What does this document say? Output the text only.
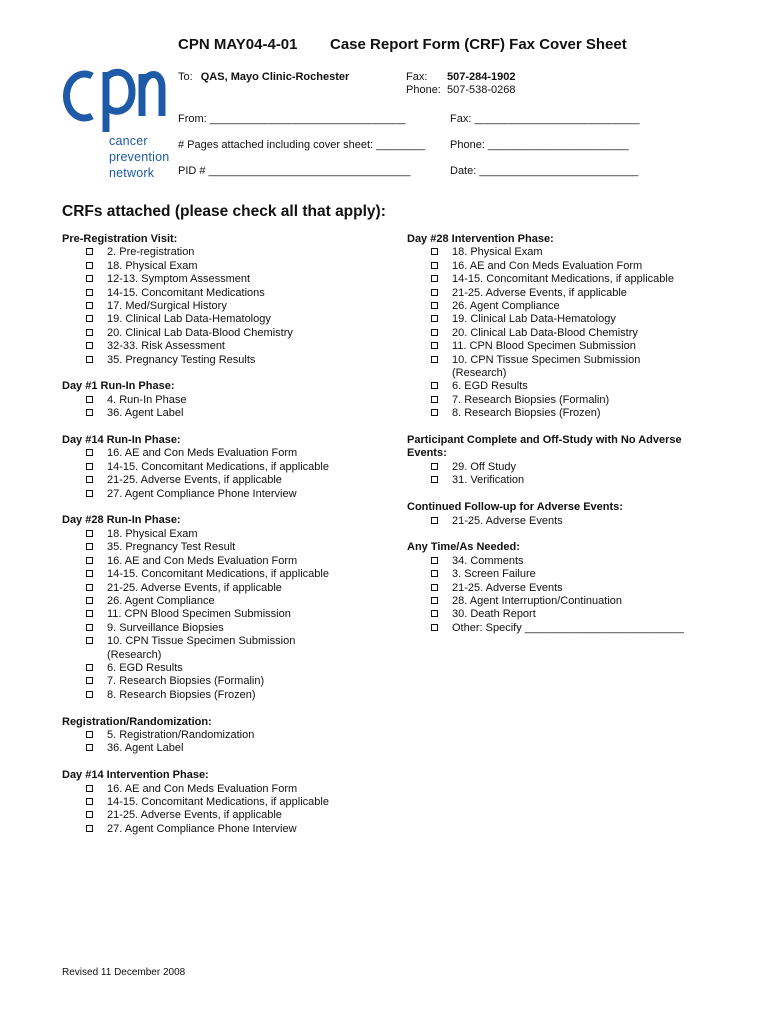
cancer
prevention
network
CPN MAY04-4-01 Case Report Form (CRF) Fax Cover Sheet
To: QAS, Mayo Clinic-Rochester	Fax: 507-284-1902
Phone: 507-538-0268
From: ________________________________	Fax: ___________________________
# Pages attached including cover sheet: ________ Phone: _______________________
PID # _________________________________	Date: __________________________
CRFs attached (please check all that apply):
Pre-Registration Visit:
2. Pre-registration
18. Physical Exam
12-13. Symptom Assessment
14-15. Concomitant Medications
17. Med/Surgical History
19. Clinical Lab Data-Hematology
20. Clinical Lab Data-Blood Chemistry
32-33. Risk Assessment
35. Pregnancy Testing Results
Day #1 Run-In Phase:
4. Run-In Phase
36. Agent Label
Day #14 Run-In Phase:
16. AE and Con Meds Evaluation Form
14-15. Concomitant Medications, if applicable
21-25. Adverse Events, if applicable
27. Agent Compliance Phone Interview
Day #28 Run-In Phase:
18. Physical Exam
35. Pregnancy Test Result
16. AE and Con Meds Evaluation Form
14-15. Concomitant Medications, if applicable
21-25. Adverse Events, if applicable
26. Agent Compliance
11. CPN Blood Specimen Submission
9. Surveillance Biopsies
10. CPN Tissue Specimen Submission
(Research)
6. EGD Results
7. Research Biopsies (Formalin)
8. Research Biopsies (Frozen)
Registration/Randomization:
5. Registration/Randomization
36. Agent Label
Day #14 Intervention Phase:
16. AE and Con Meds Evaluation Form
14-15. Concomitant Medications, if applicable
21-25. Adverse Events, if applicable
27. Agent Compliance Phone Interview
Day #28 Intervention Phase:
18. Physical Exam
16. AE and Con Meds Evaluation Form
14-15. Concomitant Medications, if applicable
21-25. Adverse Events, if applicable
26. Agent Compliance
19. Clinical Lab Data-Hematology
20. Clinical Lab Data-Blood Chemistry
11. CPN Blood Specimen Submission
10. CPN Tissue Specimen Submission
(Research)
6. EGD Results
7. Research Biopsies (Formalin)
8. Research Biopsies (Frozen)
Participant Complete and Off-Study with No Adverse
Events:
29. Off Study
31. Verification
Continued Follow-up for Adverse Events:
21-25. Adverse Events
Any Time/As Needed:
34. Comments
3. Screen Failure
21-25. Adverse Events
28. Agent Interruption/Continuation
30. Death Report
Other: Specify __________________________
Revised 11 December 2008
